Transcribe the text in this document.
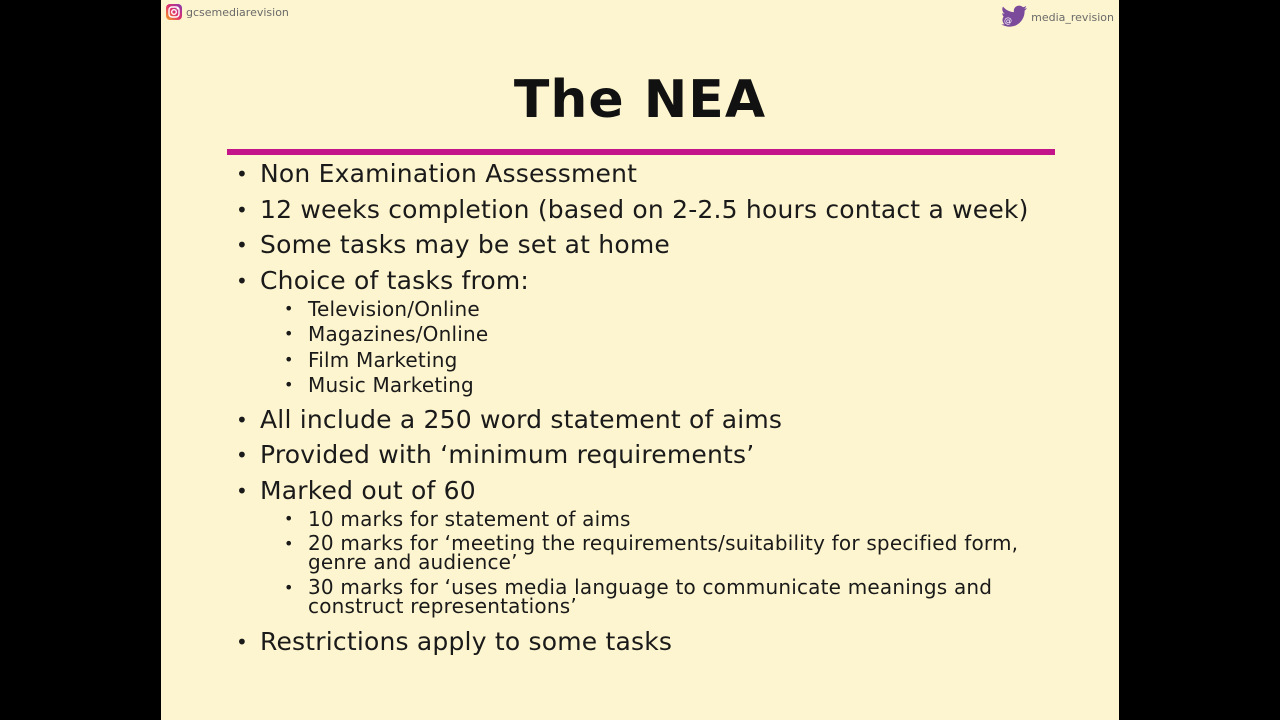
gcsemediarevision
@ media_revision
The NEA
• Non Examination Assessment
• 12 weeks completion (based on 2-2.5 hours contact a week)
• Some tasks may be set at home
• Choice of tasks from:
• Television/Online
• Magazines/Online
• Film Marketing
• Music Marketing
• All include a 250 word statement of aims
• Provided with ‘minimum requirements’
• Marked out of 60
• 10 marks for statement of aims
• 20 marks for ‘meeting the requirements/suitability for specified form,
genre and audience’
• 30 marks for ‘uses media language to communicate meanings and
construct representations’
• Restrictions apply to some tasks
